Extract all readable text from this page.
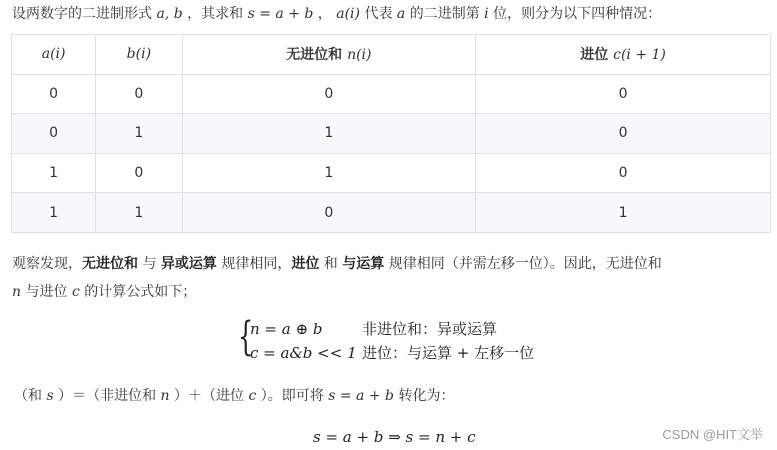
设两数字的二进制形式 a, b ，其求和 s = a + b ， a(i) 代表 a 的二进制第 i 位，则分为以下四种情况：
a(i)	b(i)	无进位和 n(i)	进位 c(i + 1)
0	0	0	0
0	1	1	0
1	0	1	0
1	1	0	1
观察发现，无进位和 与 异或运算 规律相同，进位 和 与运算 规律相同（并需左移一位）。因此，无进位和
n 与进位 c 的计算公式如下；
{
n = a ⊕ b	非进位和：异或运算
c = a&b << 1 进位：与运算 + 左移一位
（和 s ）＝（非进位和 n ）＋（进位 c ）。即可将 s = a + b 转化为：
s = a + b ⇒ s = n + c	CSDN @HIT文举
